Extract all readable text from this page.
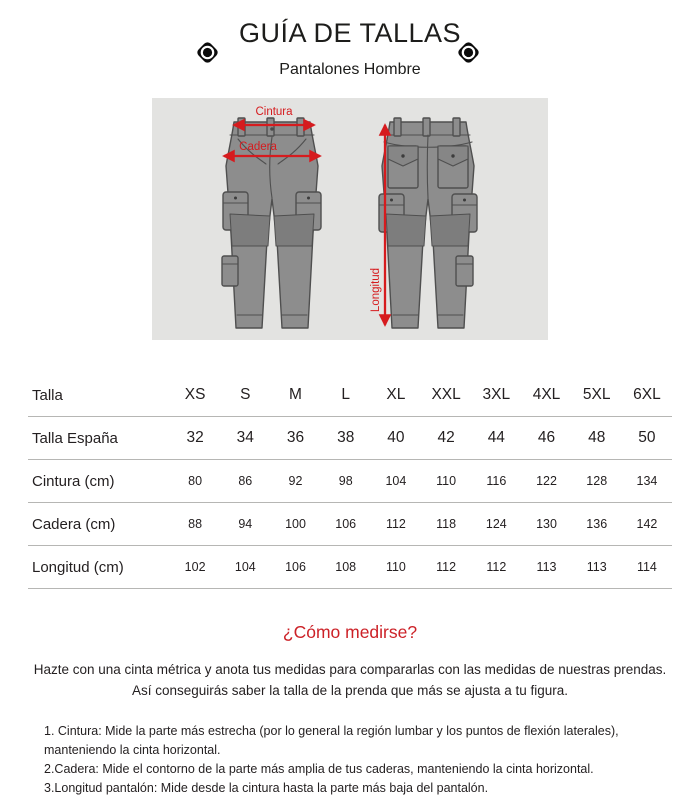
GUÍA DE TALLAS
Pantalones Hombre
Cintura
Cadera
Longitud
Talla	XS	S	M	L	XL	XXL	3XL	4XL	5XL	6XL
Talla España	32	34	36	38	40	42	44	46	48	50
Cintura (cm)	80	86	92	98	104	110	116	122	128	134
Cadera (cm)	88	94	100	106	112	118	124	130	136	142
Longitud (cm)	102	104	106	108	110	112	112	113	113	114
¿Cómo medirse?
Hazte con una cinta métrica y anota tus medidas para compararlas con las medidas de nuestras prendas.
Así conseguirás saber la talla de la prenda que más se ajusta a tu figura.
1. Cintura: Mide la parte más estrecha (por lo general la región lumbar y los puntos de flexión laterales), manteniendo la cinta horizontal.
2.Cadera: Mide el contorno de la parte más amplia de tus caderas, manteniendo la cinta horizontal.
3.Longitud pantalón: Mide desde la cintura hasta la parte más baja del pantalón.
